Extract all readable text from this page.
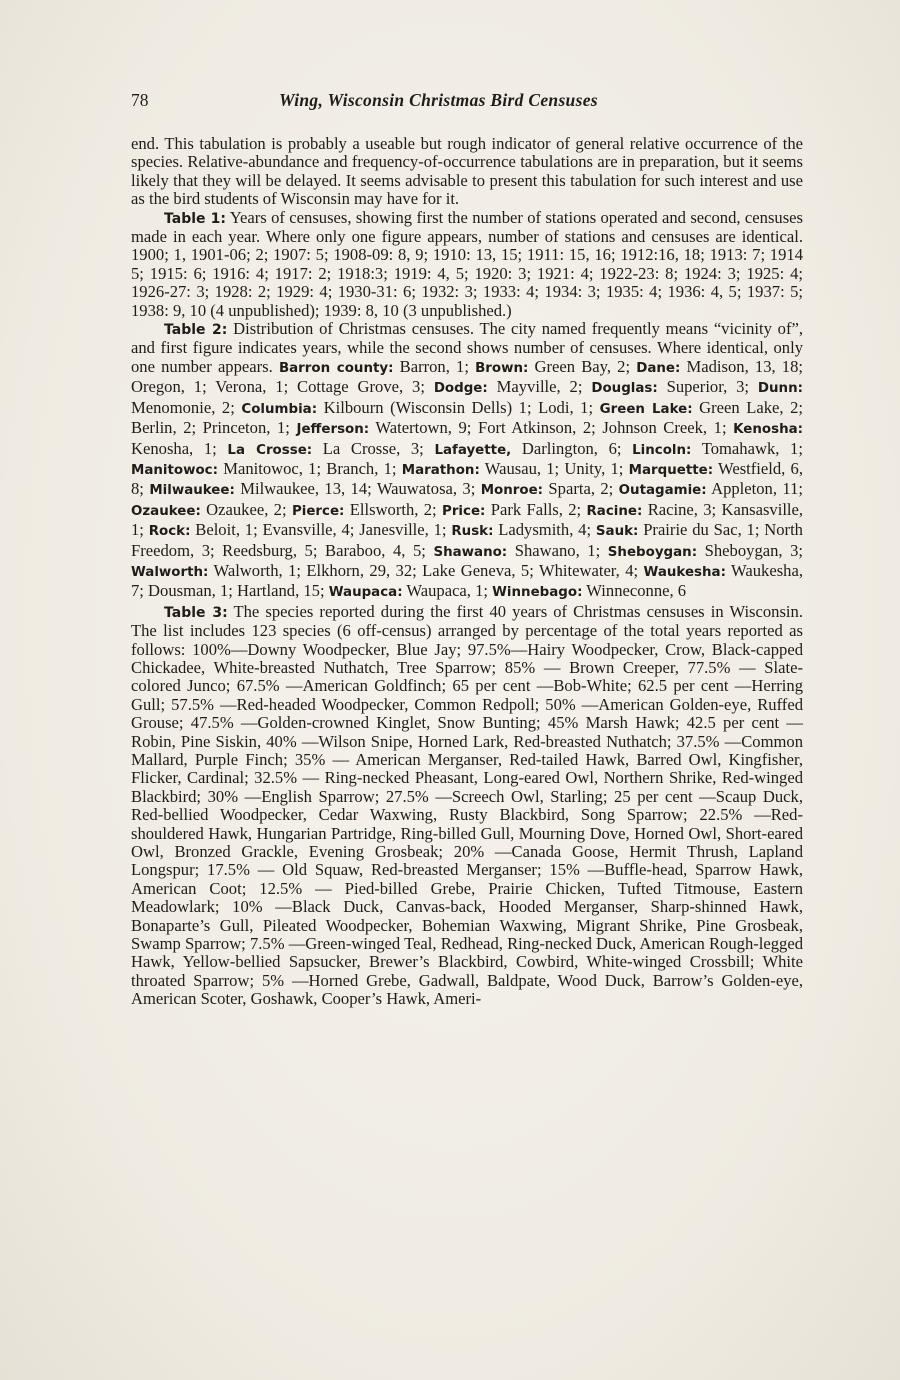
78	Wing, Wisconsin Christmas Bird Censuses

end. This tabulation is probably a useable but rough indicator of general relative occurrence of the species. Relative-abundance and frequency-of-occurrence tabulations are in preparation, but it seems likely that they will be delayed. It seems advisable to present this tabulation for such interest and use as the bird students of Wisconsin may have for it.

Table 1: Years of censuses, showing first the number of stations operated and second, censuses made in each year. Where only one figure appears, number of stations and censuses are identical. 1900; 1, 1901-06; 2; 1907: 5; 1908-09: 8, 9; 1910: 13, 15; 1911: 15, 16; 1912:16, 18; 1913: 7; 1914 5; 1915: 6; 1916: 4; 1917: 2; 1918:3; 1919: 4, 5; 1920: 3; 1921: 4; 1922-23: 8; 1924: 3; 1925: 4; 1926-27: 3; 1928: 2; 1929: 4; 1930-31: 6; 1932: 3; 1933: 4; 1934: 3; 1935: 4; 1936: 4, 5; 1937: 5; 1938: 9, 10 (4 unpublished); 1939: 8, 10 (3 unpublished.)

Table 2: Distribution of Christmas censuses. The city named frequently means “vicinity of”, and first figure indicates years, while the second shows number of censuses. Where identical, only one number appears. Barron county: Barron, 1; Brown: Green Bay, 2; Dane: Madison, 13, 18; Oregon, 1; Verona, 1; Cottage Grove, 3; Dodge: Mayville, 2; Douglas: Superior, 3; Dunn: Menomonie, 2; Columbia: Kilbourn (Wisconsin Dells) 1; Lodi, 1; Green Lake: Green Lake, 2; Berlin, 2; Princeton, 1; Jefferson: Watertown, 9; Fort Atkinson, 2; Johnson Creek, 1; Kenosha: Kenosha, 1; La Crosse: La Crosse, 3; Lafayette, Darlington, 6; Lincoln: Tomahawk, 1; Manitowoc: Manitowoc, 1; Branch, 1; Marathon: Wausau, 1; Unity, 1; Marquette: Westfield, 6, 8; Milwaukee: Milwaukee, 13, 14; Wauwatosa, 3; Monroe: Sparta, 2; Outagamie: Appleton, 11; Ozaukee: Ozaukee, 2; Pierce: Ellsworth, 2; Price: Park Falls, 2; Racine: Racine, 3; Kansasville, 1; Rock: Beloit, 1; Evansville, 4; Janesville, 1; Rusk: Ladysmith, 4; Sauk: Prairie du Sac, 1; North Freedom, 3; Reedsburg, 5; Baraboo, 4, 5; Shawano: Shawano, 1; Sheboygan: Sheboygan, 3; Walworth: Walworth, 1; Elkhorn, 29, 32; Lake Geneva, 5; Whitewater, 4; Waukesha: Waukesha, 7; Dousman, 1; Hartland, 15; Waupaca: Waupaca, 1; Winnebago: Winneconne, 6

Table 3: The species reported during the first 40 years of Christmas censuses in Wisconsin. The list includes 123 species (6 off-census) arranged by percentage of the total years reported as follows: 100%—Downy Woodpecker, Blue Jay; 97.5%—Hairy Woodpecker, Crow, Black-capped Chickadee, White-breasted Nuthatch, Tree Sparrow; 85% — Brown Creeper, 77.5% — Slate-colored Junco; 67.5% —American Goldfinch; 65 per cent —Bob-White; 62.5 per cent —Herring Gull; 57.5% —Red-headed Woodpecker, Common Redpoll; 50% —American Golden-eye, Ruffed Grouse; 47.5% —Golden-crowned Kinglet, Snow Bunting; 45% Marsh Hawk; 42.5 per cent —Robin, Pine Siskin, 40% —Wilson Snipe, Horned Lark, Red-breasted Nuthatch; 37.5% —Common Mallard, Purple Finch; 35% — American Merganser, Red-tailed Hawk, Barred Owl, Kingfisher, Flicker, Cardinal; 32.5% — Ring-necked Pheasant, Long-eared Owl, Northern Shrike, Red-winged Blackbird; 30% —English Sparrow; 27.5% —Screech Owl, Starling; 25 per cent —Scaup Duck, Red-bellied Woodpecker, Cedar Waxwing, Rusty Blackbird, Song Sparrow; 22.5% —Red-shouldered Hawk, Hungarian Partridge, Ring-billed Gull, Mourning Dove, Horned Owl, Short-eared Owl, Bronzed Grackle, Evening Grosbeak; 20% —Canada Goose, Hermit Thrush, Lapland Longspur; 17.5% — Old Squaw, Red-breasted Merganser; 15% —Buffle-head, Sparrow Hawk, American Coot; 12.5% — Pied-billed Grebe, Prairie Chicken, Tufted Titmouse, Eastern Meadowlark; 10% —Black Duck, Canvas-back, Hooded Merganser, Sharp-shinned Hawk, Bonaparte’s Gull, Pileated Woodpecker, Bohemian Waxwing, Migrant Shrike, Pine Grosbeak, Swamp Sparrow; 7.5% —Green-winged Teal, Redhead, Ring-necked Duck, American Rough-legged Hawk, Yellow-bellied Sapsucker, Brewer’s Blackbird, Cowbird, White-winged Crossbill; White throated Sparrow; 5% —Horned Grebe, Gadwall, Baldpate, Wood Duck, Barrow’s Golden-eye, American Scoter, Goshawk, Cooper’s Hawk, Ameri-
